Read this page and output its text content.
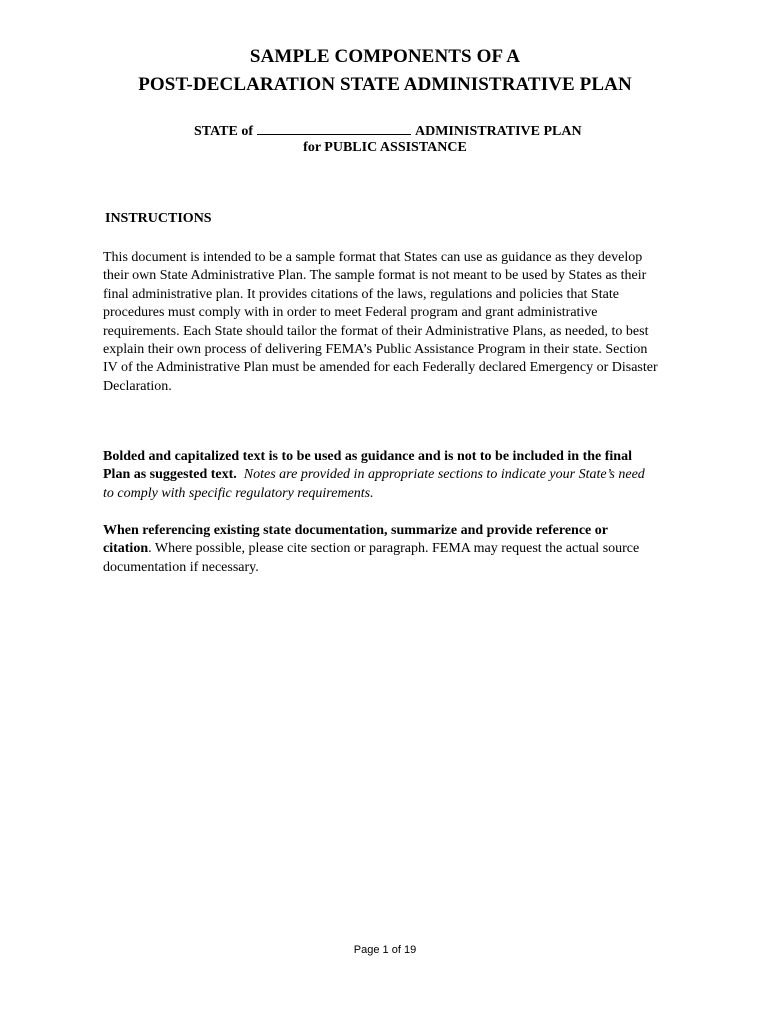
SAMPLE COMPONENTS OF A
POST-DECLARATION STATE ADMINISTRATIVE PLAN
STATE of	ADMINISTRATIVE PLAN
for PUBLIC ASSISTANCE
INSTRUCTIONS
This document is intended to be a sample format that States can use as guidance as they develop
their own State Administrative Plan. The sample format is not meant to be used by States as their
final administrative plan. It provides citations of the laws, regulations and policies that State
procedures must comply with in order to meet Federal program and grant administrative
requirements. Each State should tailor the format of their Administrative Plans, as needed, to best
explain their own process of delivering FEMA’s Public Assistance Program in their state. Section
IV of the Administrative Plan must be amended for each Federally declared Emergency or Disaster
Declaration.
Bolded and capitalized text is to be used as guidance and is not to be included in the final
Plan as suggested text. Notes are provided in appropriate sections to indicate your State’s need
to comply with specific regulatory requirements.
When referencing existing state documentation, summarize and provide reference or
citation. Where possible, please cite section or paragraph. FEMA may request the actual source
documentation if necessary.
Page 1 of 19
